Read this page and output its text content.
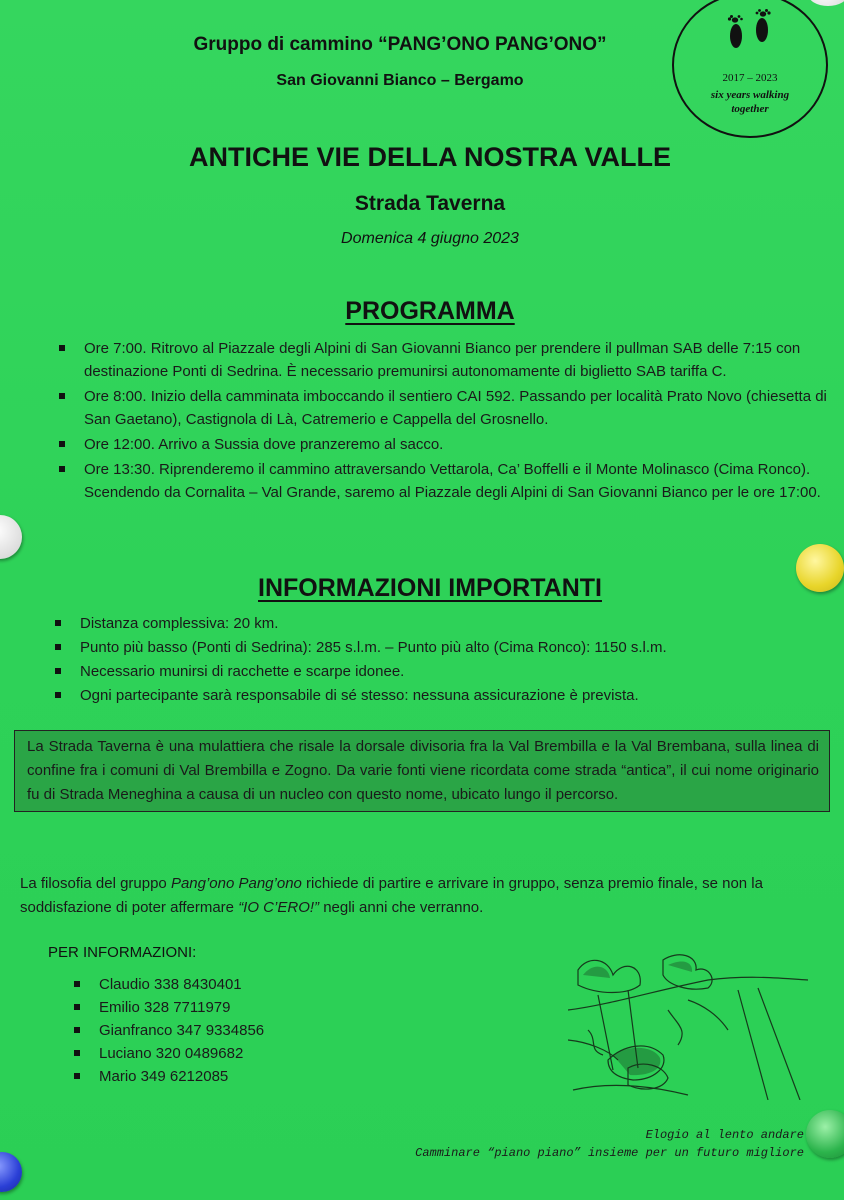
Gruppo di cammino “PANG’ONO PANG’ONO”
San Giovanni Bianco – Bergamo	2017 – 2023
six years walking together
ANTICHE VIE DELLA NOSTRA VALLE
Strada Taverna
Domenica 4 giugno 2023
PROGRAMMA
Ore 7:00. Ritrovo al Piazzale degli Alpini di San Giovanni Bianco per prendere il pullman SAB delle 7:15 con destinazione Ponti di Sedrina. È necessario premunirsi autonomamente di biglietto SAB tariffa C.
Ore 8:00. Inizio della camminata imboccando il sentiero CAI 592. Passando per località Prato Novo (chiesetta di San Gaetano), Castignola di Là, Catremerio e Cappella del Grosnello.
Ore 12:00. Arrivo a Sussia dove pranzeremo al sacco.
Ore 13:30. Riprenderemo il cammino attraversando Vettarola, Ca’ Boffelli e il Monte Molinasco (Cima Ronco). Scendendo da Cornalita – Val Grande, saremo al Piazzale degli Alpini di San Giovanni Bianco per le ore 17:00.
INFORMAZIONI IMPORTANTI
Distanza complessiva: 20 km.
Punto più basso (Ponti di Sedrina): 285 s.l.m. – Punto più alto (Cima Ronco): 1150 s.l.m.
Necessario munirsi di racchette e scarpe idonee.
Ogni partecipante sarà responsabile di sé stesso: nessuna assicurazione è prevista.
La Strada Taverna è una mulattiera che risale la dorsale divisoria fra la Val Brembilla e la Val Brembana, sulla linea di confine fra i comuni di Val Brembilla e Zogno. Da varie fonti viene ricordata come strada “antica”, il cui nome originario fu di Strada Meneghina a causa di un nucleo con questo nome, ubicato lungo il percorso.
La filosofia del gruppo Pang’ono Pang’ono richiede di partire e arrivare in gruppo, senza premio finale, se non la soddisfazione di poter affermare “IO C’ERO!” negli anni che verranno.
PER INFORMAZIONI:
Claudio 338 8430401
Emilio 328 7711979
Gianfranco 347 9334856
Luciano 320 0489682
Mario 349 6212085
Elogio al lento andare
Camminare “piano piano” insieme per un futuro migliore
